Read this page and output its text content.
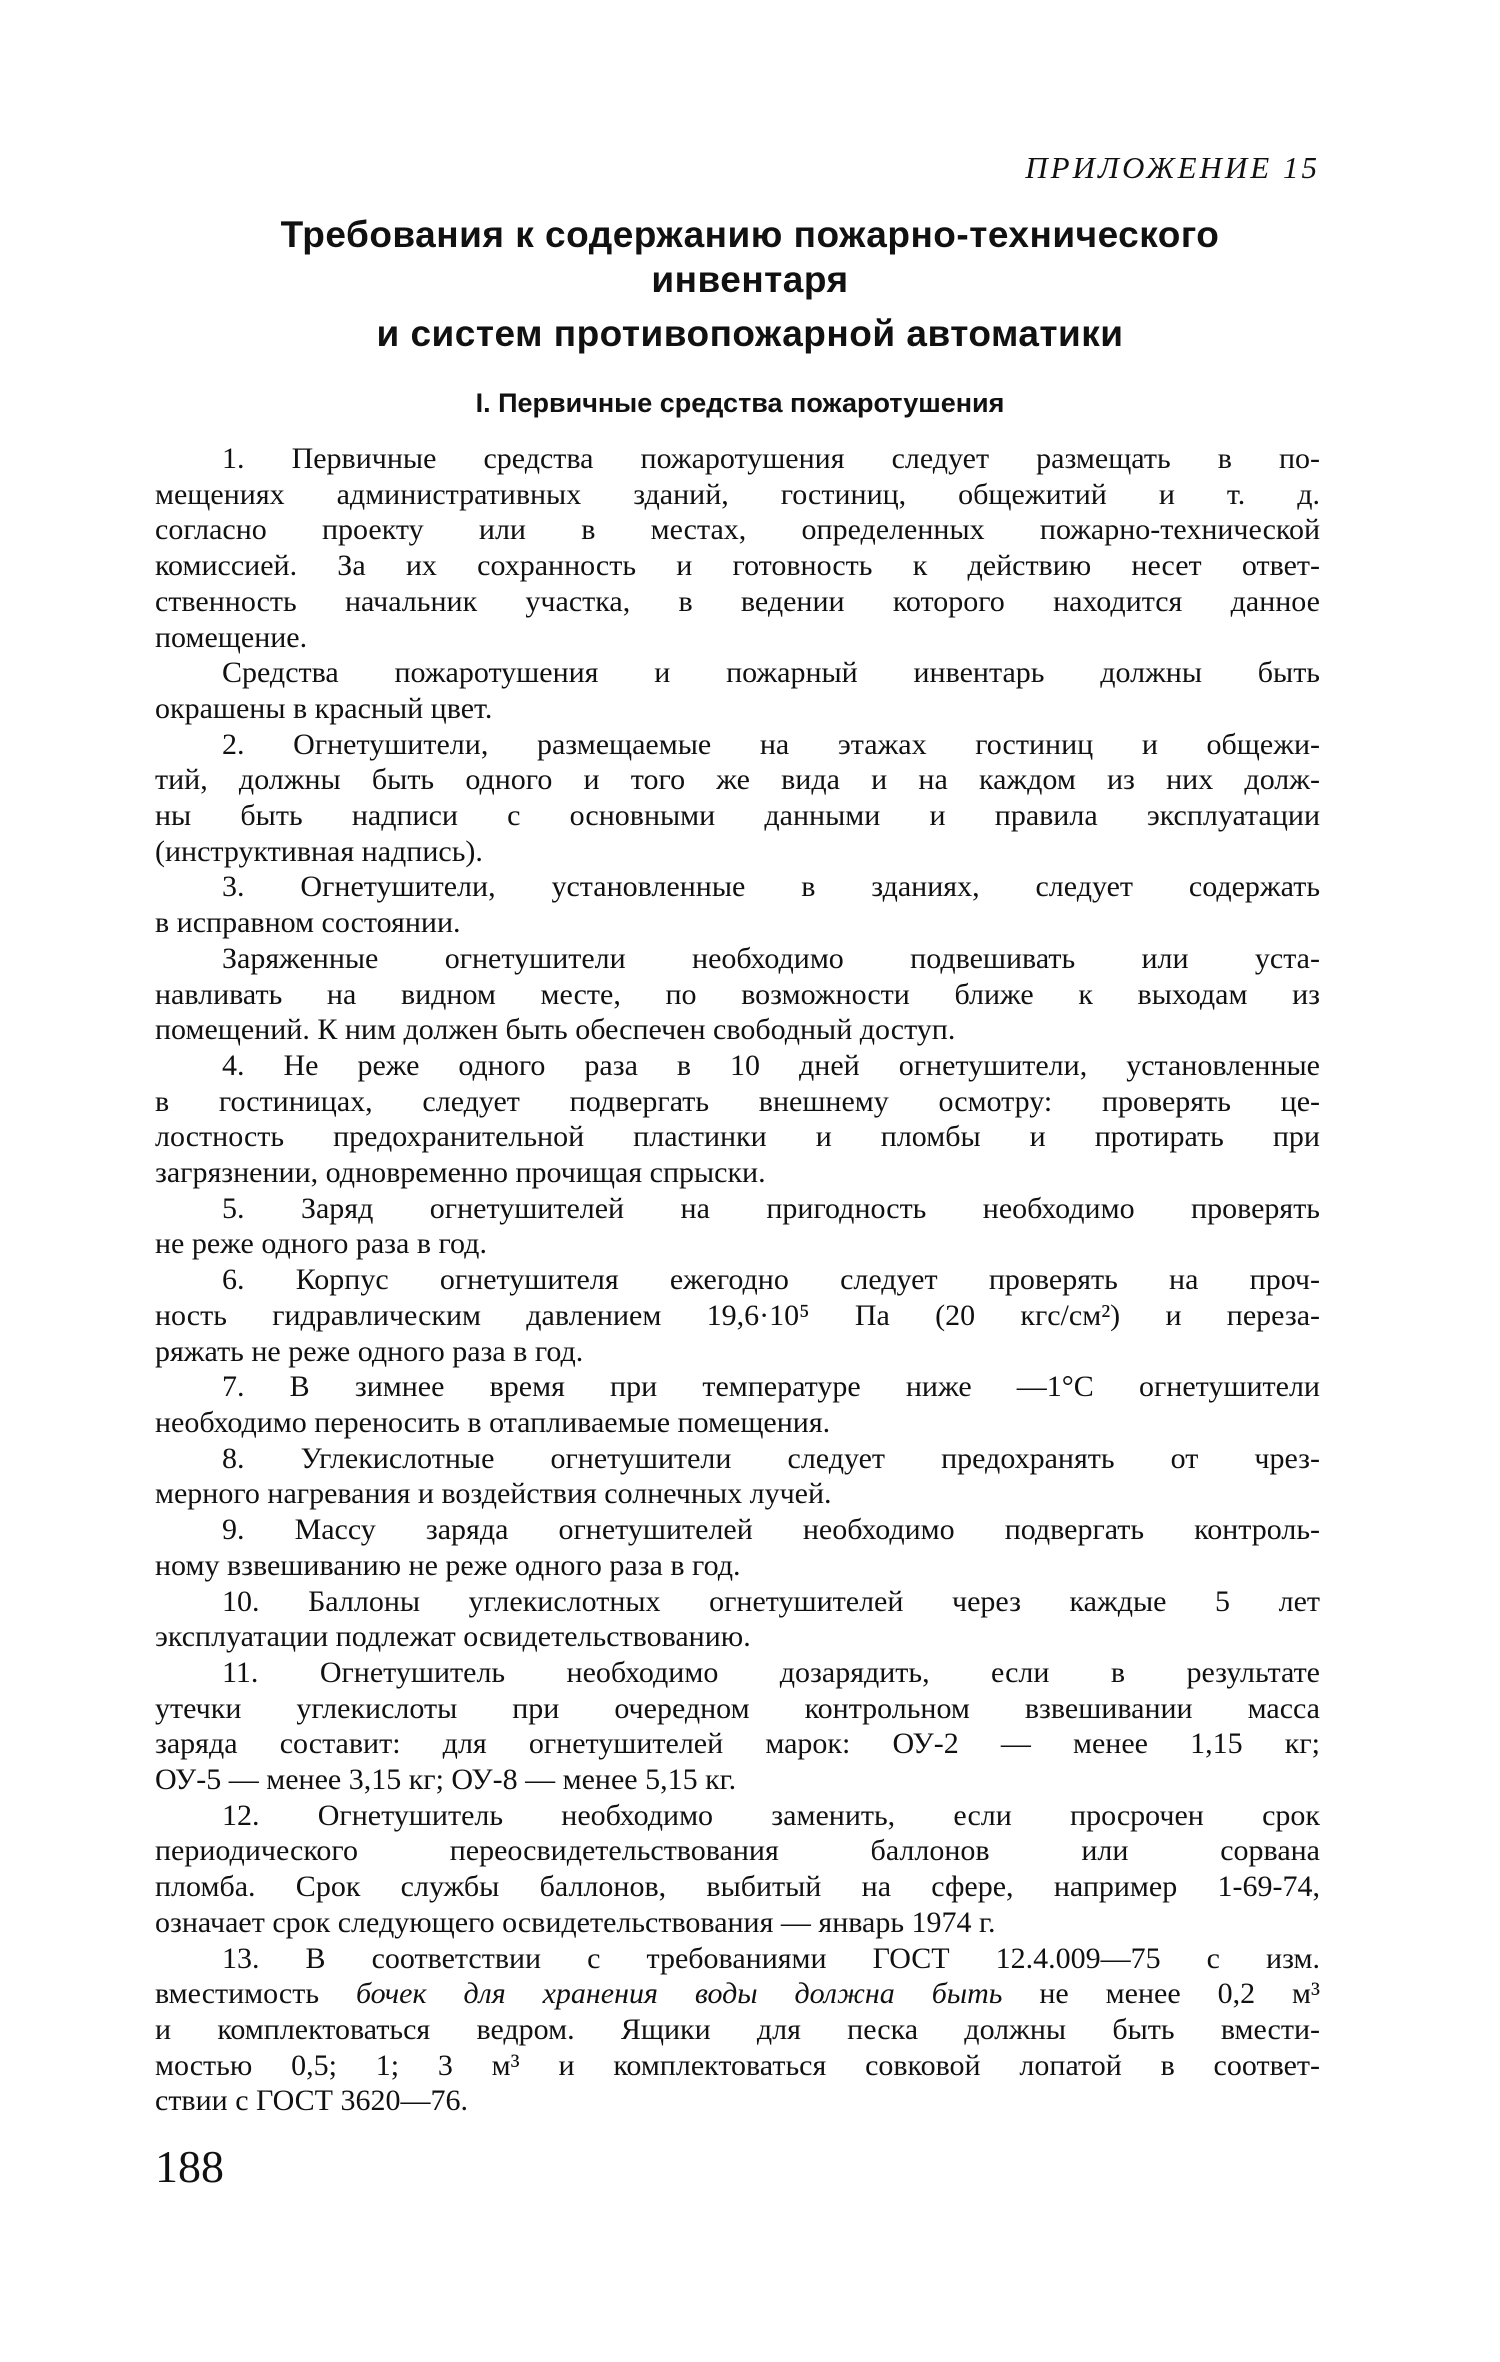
ПРИЛОЖЕНИЕ 15
Требования к содержанию пожарно-технического
инвентаря
и систем противопожарной автоматики
I. Первичные средства пожаротушения
1. Первичные средства пожаротушения следует размещать в по-
мещениях административных зданий, гостиниц, общежитий и т. д.
согласно проекту или в местах, определенных пожарно-технической
комиссией. За их сохранность и готовность к действию несет ответ-
ственность начальник участка, в ведении которого находится данное
помещение.
Средства пожаротушения и пожарный инвентарь должны быть
окрашены в красный цвет.
2. Огнетушители, размещаемые на этажах гостиниц и общежи-
тий, должны быть одного и того же вида и на каждом из них долж-
ны быть надписи с основными данными и правила эксплуатации
(инструктивная надпись).
3. Огнетушители, установленные в зданиях, следует содержать
в исправном состоянии.
Заряженные огнетушители необходимо подвешивать или уста-
навливать на видном месте, по возможности ближе к выходам из
помещений. К ним должен быть обеспечен свободный доступ.
4. Не реже одного раза в 10 дней огнетушители, установленные
в гостиницах, следует подвергать внешнему осмотру: проверять це-
лостность предохранительной пластинки и пломбы и протирать при
загрязнении, одновременно прочищая спрыски.
5. Заряд огнетушителей на пригодность необходимо проверять
не реже одного раза в год.
6. Корпус огнетушителя ежегодно следует проверять на проч-
ность гидравлическим давлением 19,6·10⁵ Па (20 кгс/см²) и переза-
ряжать не реже одного раза в год.
7. В зимнее время при температуре ниже —1°С огнетушители
необходимо переносить в отапливаемые помещения.
8. Углекислотные огнетушители следует предохранять от чрез-
мерного нагревания и воздействия солнечных лучей.
9. Массу заряда огнетушителей необходимо подвергать контроль-
ному взвешиванию не реже одного раза в год.
10. Баллоны углекислотных огнетушителей через каждые 5 лет
эксплуатации подлежат освидетельствованию.
11. Огнетушитель необходимо дозарядить, если в результате
утечки углекислоты при очередном контрольном взвешивании масса
заряда составит: для огнетушителей марок: ОУ-2 — менее 1,15 кг;
ОУ-5 — менее 3,15 кг; ОУ-8 — менее 5,15 кг.
12. Огнетушитель необходимо заменить, если просрочен срок
периодического переосвидетельствования баллонов или сорвана
пломба. Срок службы баллонов, выбитый на сфере, например 1-69-74,
означает срок следующего освидетельствования — январь 1974 г.
13. В соответствии с требованиями ГОСТ 12.4.009—75 с изм.
вместимость бочек для хранения воды должна быть не менее 0,2 м³
и комплектоваться ведром. Ящики для песка должны быть вмести-
мостью 0,5; 1; 3 м³ и комплектоваться совковой лопатой в соответ-
ствии с ГОСТ 3620—76.
188
